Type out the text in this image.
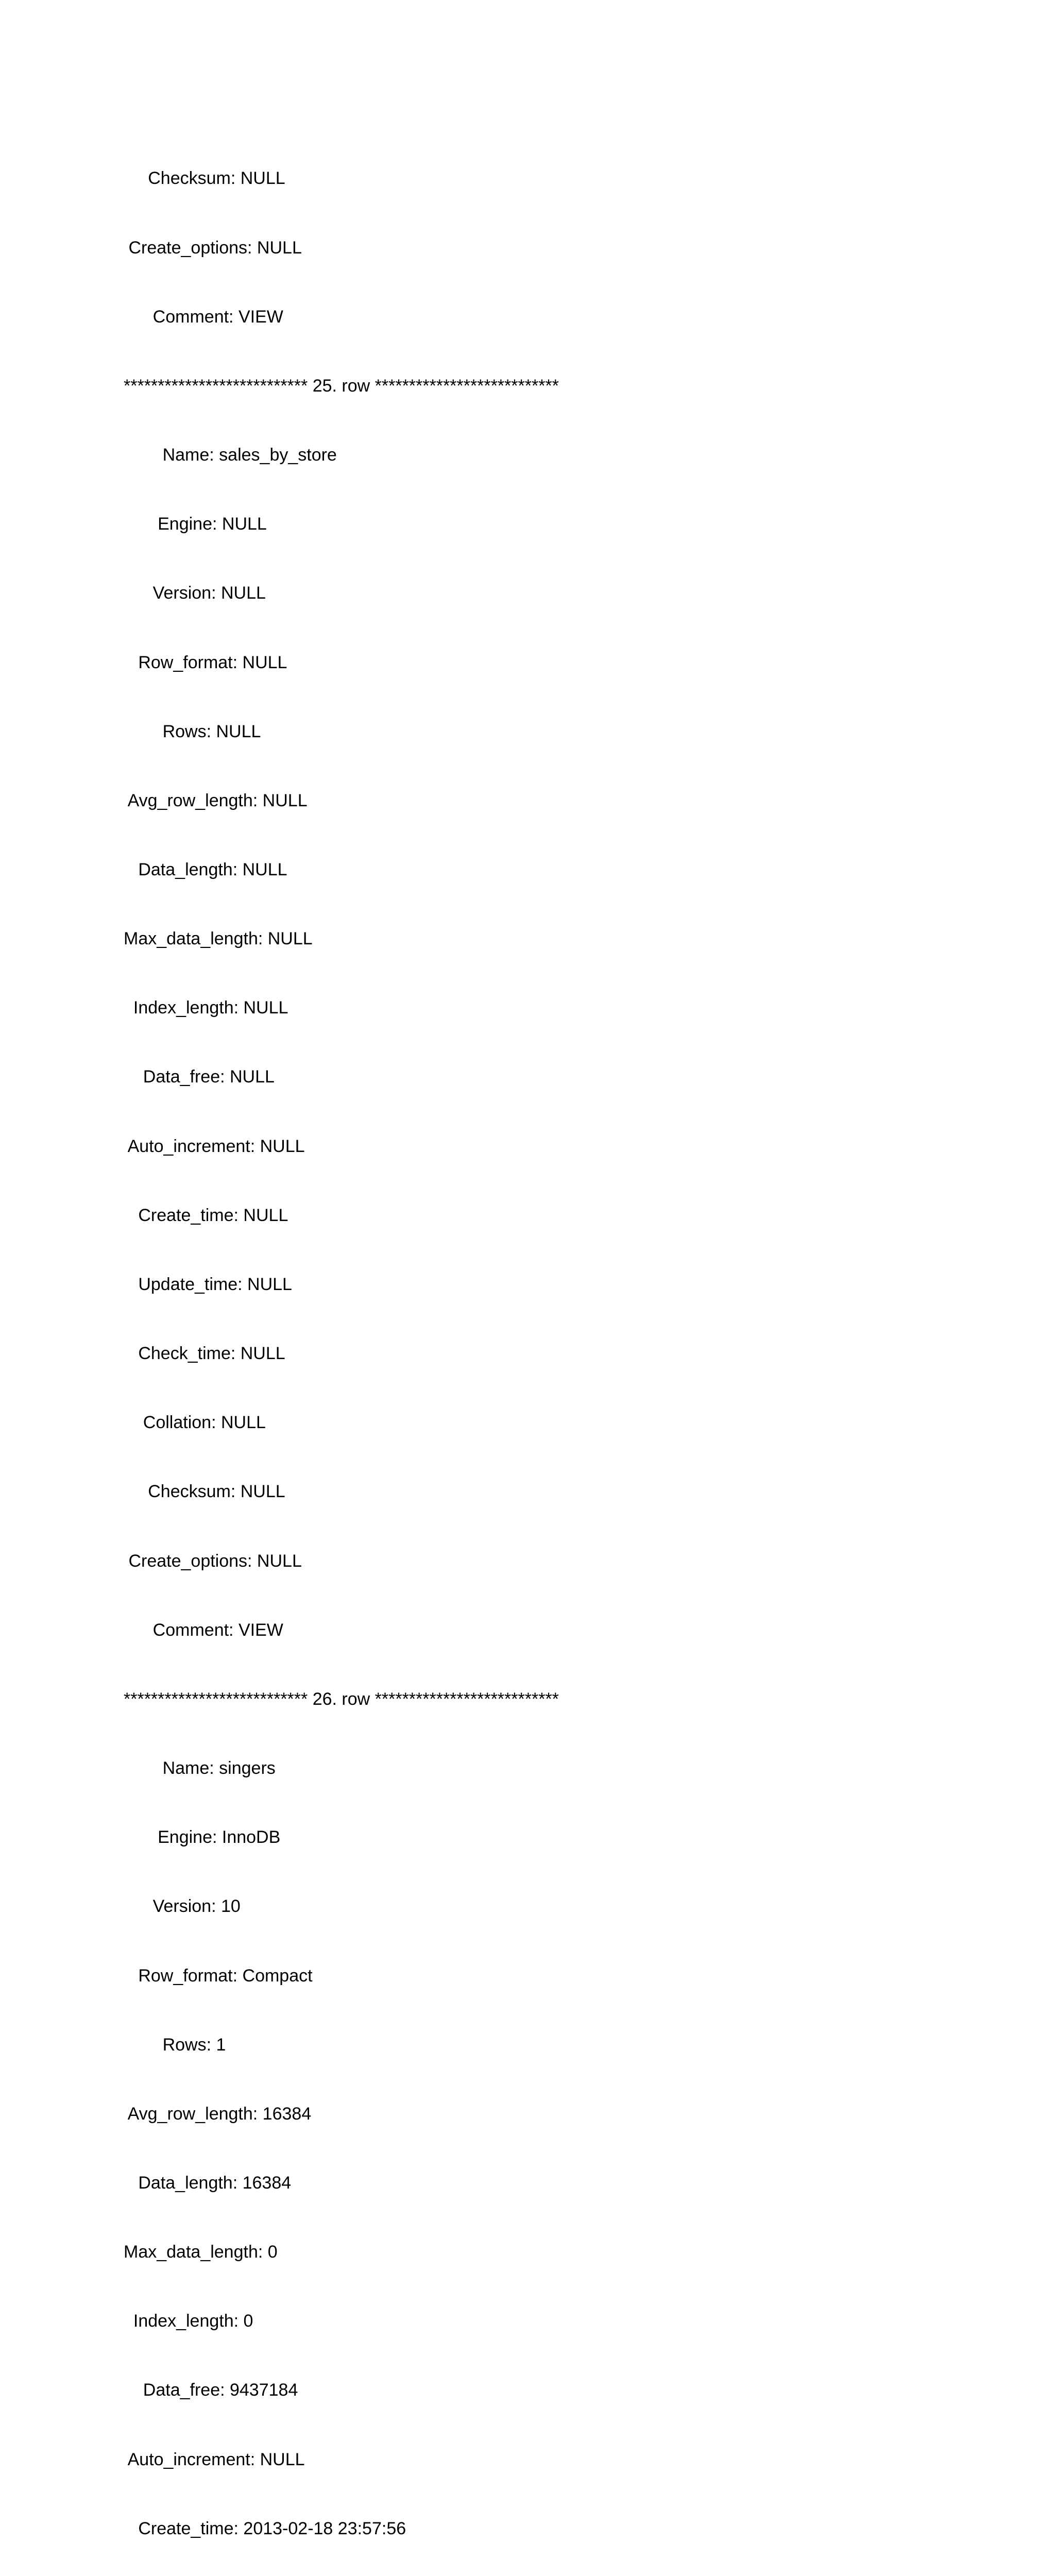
Checksum: NULL

Create_options: NULL

Comment: VIEW

*************************** 25. row ***************************

Name: sales_by_store

Engine: NULL

Version: NULL

Row_format: NULL

Rows: NULL

Avg_row_length: NULL

Data_length: NULL

Max_data_length: NULL

Index_length: NULL

Data_free: NULL

Auto_increment: NULL

Create_time: NULL

Update_time: NULL

Check_time: NULL

Collation: NULL

Checksum: NULL

Create_options: NULL

Comment: VIEW

*************************** 26. row ***************************

Name: singers

Engine: InnoDB

Version: 10

Row_format: Compact

Rows: 1

Avg_row_length: 16384

Data_length: 16384

Max_data_length: 0

Index_length: 0

Data_free: 9437184

Auto_increment: NULL

Create_time: 2013-02-18 23:57:56
